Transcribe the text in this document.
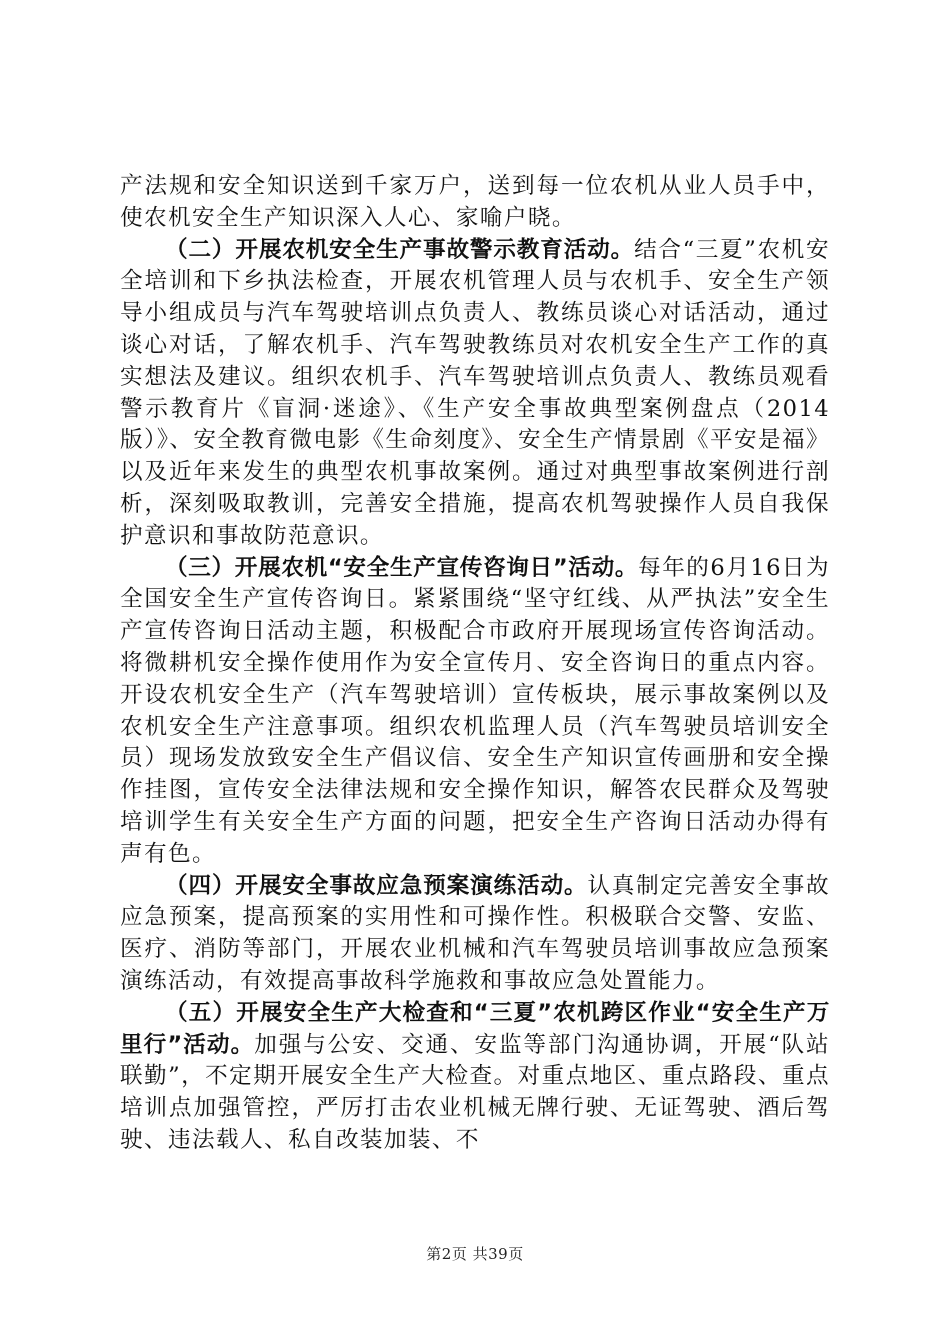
产法规和安全知识送到千家万户，送到每一位农机从业人员手中，使农机安全生产知识深入人心、家喻户晓。

（二）开展农机安全生产事故警示教育活动。结合“三夏”农机安全培训和下乡执法检查，开展农机管理人员与农机手、安全生产领导小组成员与汽车驾驶培训点负责人、教练员谈心对话活动，通过谈心对话，了解农机手、汽车驾驶教练员对农机安全生产工作的真实想法及建议。组织农机手、汽车驾驶培训点负责人、教练员观看警示教育片《盲洞·迷途》、《生产安全事故典型案例盘点（2014版）》、安全教育微电影《生命刻度》、安全生产情景剧《平安是福》以及近年来发生的典型农机事故案例。通过对典型事故案例进行剖析，深刻吸取教训，完善安全措施，提高农机驾驶操作人员自我保护意识和事故防范意识。

（三）开展农机“安全生产宣传咨询日”活动。每年的6月16日为全国安全生产宣传咨询日。紧紧围绕“坚守红线、从严执法”安全生产宣传咨询日活动主题，积极配合市政府开展现场宣传咨询活动。将微耕机安全操作使用作为安全宣传月、安全咨询日的重点内容。开设农机安全生产（汽车驾驶培训）宣传板块，展示事故案例以及农机安全生产注意事项。组织农机监理人员（汽车驾驶员培训安全员）现场发放致安全生产倡议信、安全生产知识宣传画册和安全操作挂图，宣传安全法律法规和安全操作知识，解答农民群众及驾驶培训学生有关安全生产方面的问题，把安全生产咨询日活动办得有声有色。

（四）开展安全事故应急预案演练活动。认真制定完善安全事故应急预案，提高预案的实用性和可操作性。积极联合交警、安监、医疗、消防等部门，开展农业机械和汽车驾驶员培训事故应急预案演练活动，有效提高事故科学施救和事故应急处置能力。

（五）开展安全生产大检查和“三夏”农机跨区作业“安全生产万里行”活动。加强与公安、交通、安监等部门沟通协调，开展“队站联勤”，不定期开展安全生产大检查。对重点地区、重点路段、重点培训点加强管控，严厉打击农业机械无牌行驶、无证驾驶、酒后驾驶、违法载人、私自改装加装、不

第2页 共39页
